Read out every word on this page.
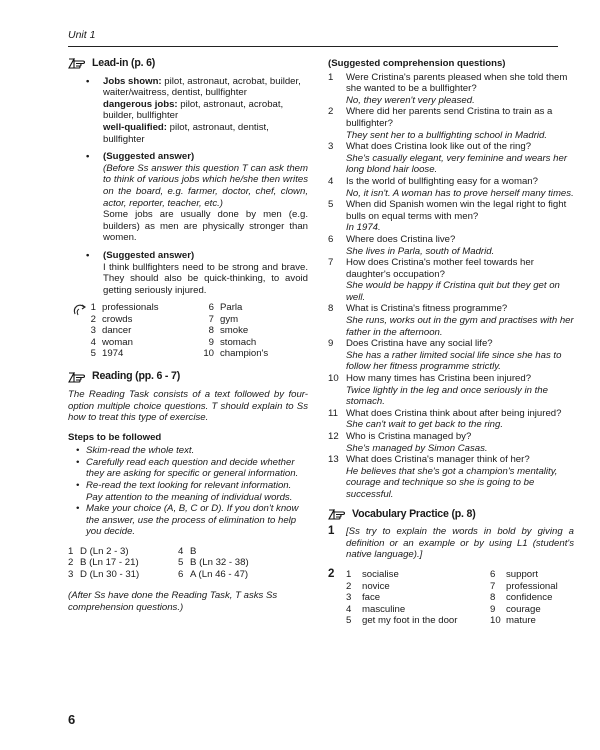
Unit 1
Lead-in (p. 6)
• Jobs shown: pilot, astronaut, acrobat, builder, waiter/waitress, dentist, bullfighter
dangerous jobs: pilot, astronaut, acrobat, builder, bullfighter
well-qualified: pilot, astronaut, dentist, bullfighter
• (Suggested answer)
(Before Ss answer this question T can ask them to think of various jobs which he/she then writes on the board, e.g. farmer, doctor, chef, clown, actor, reporter, teacher, etc.)
Some jobs are usually done by men (e.g. builders) as men are physically stronger than women.
• (Suggested answer)
I think bullfighters need to be strong and brave. They should also be quick-thinking, to avoid getting seriously injured.
1 professionals	6 Parla
2 crowds	7 gym
3 dancer	8 smoke
4 woman	9 stomach
5 1974	10 champion's
Reading (pp. 6 - 7)
The Reading Task consists of a text followed by four-option multiple choice questions. T should explain to Ss how to treat this type of exercise.
Steps to be followed
• Skim-read the whole text.
• Carefully read each question and decide whether they are asking for specific or general information.
• Re-read the text looking for relevant information. Pay attention to the meaning of individual words.
• Make your choice (A, B, C or D). If you don't know the answer, use the process of elimination to help you decide.
1 D (Ln 2 - 3)	4 B
2 B (Ln 17 - 21)	5 B (Ln 32 - 38)
3 D (Ln 30 - 31)	6 A (Ln 46 - 47)
(After Ss have done the Reading Task, T asks Ss comprehension questions.)
(Suggested comprehension questions)
1	Were Cristina's parents pleased when she told them she wanted to be a bullfighter?
No, they weren't very pleased.
2	Where did her parents send Cristina to train as a bullfighter?
They sent her to a bullfighting school in Madrid.
3	What does Cristina look like out of the ring?
She's casually elegant, very feminine and wears her long blond hair loose.
4	Is the world of bullfighting easy for a woman?
No, it isn't. A woman has to prove herself many times.
5	When did Spanish women win the legal right to fight bulls on equal terms with men?
In 1974.
6	Where does Cristina live?
She lives in Parla, south of Madrid.
7	How does Cristina's mother feel towards her daughter's occupation?
She would be happy if Cristina quit but they get on well.
8	What is Cristina's fitness programme?
She runs, works out in the gym and practises with her father in the afternoon.
9	Does Cristina have any social life?
She has a rather limited social life since she has to follow her fitness programme strictly.
10 How many times has Cristina been injured?
Twice lightly in the leg and once seriously in the stomach.
11 What does Cristina think about after being injured?
She can't wait to get back to the ring.
12 Who is Cristina managed by?
She's managed by Simon Casas.
13 What does Cristina's manager think of her?
He believes that she's got a champion's mentality, courage and technique so she is going to be successful.
Vocabulary Practice (p. 8)
1	[Ss try to explain the words in bold by giving a definition or an example or by using L1 (student's native language).]
2	1	socialise	6	support
2	novice	7	professional
3	face	8	confidence
4	masculine	9	courage
5	get my foot in the door	10 mature
6
